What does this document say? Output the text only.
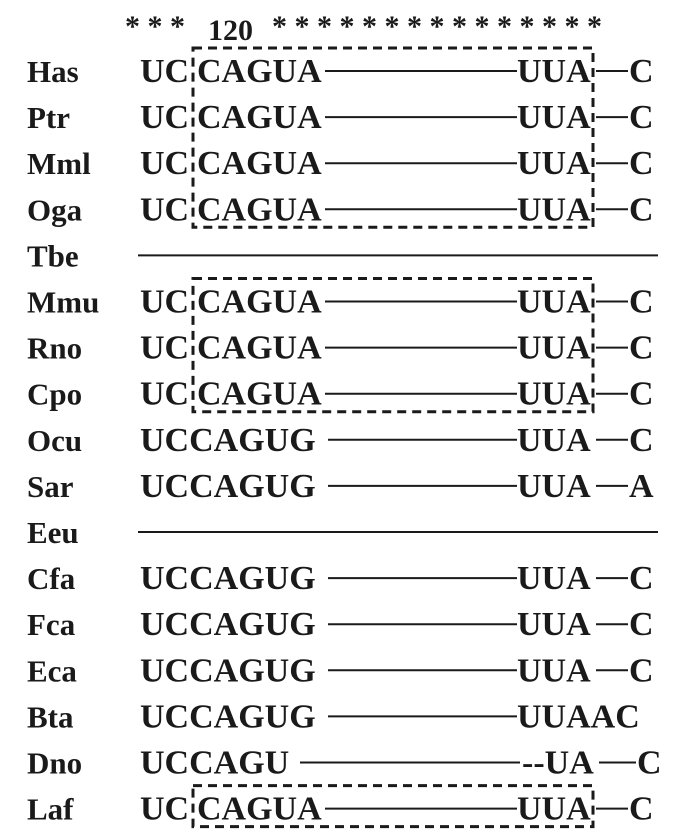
* * * 120 * * * * * * * * * * * * * * *
Has UC CAGUA	UUA C
Ptr UC CAGUA	UUA C
Mml UC CAGUA	UUA C
Oga UC CAGUA	UUA C
Tbe
Mmu UC CAGUA	UUA C
Rno UC CAGUA	UUA C
Cpo UC CAGUA	UUA C
Ocu UCCAGUG	UUA C
Sar UCCAGUG	UUA A
Eeu
Cfa UCCAGUG	UUA C
Fca UCCAGUG	UUA C
Eca UCCAGUG	UUA C
Bta UCCAGUG	UUAAC
Dno UCCAGU	--UA C
Laf UC CAGUA	UUA C
